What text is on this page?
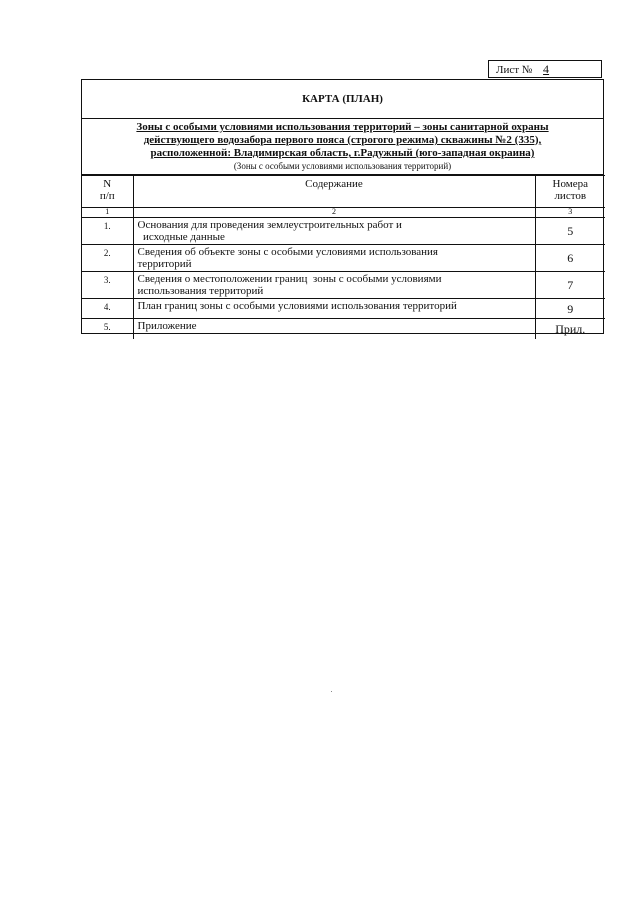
Лист № 4
КАРТА (ПЛАН)
Зоны с особыми условиями использования территорий – зоны санитарной охраны
действующего водозабора первого пояса (строгого режима) скважины №2 (335),
расположенной: Владимирская область, г.Радужный (юго-западная окраина)
(Зоны с особыми условиями использования территорий)
N
п/п	Содержание	Номера листов
1	2	3
1.	Основания для проведения землеустроительных работ и
исходные данные	5
2.	Сведения об объекте зоны с особыми условиями использования
территорий	6
3.	Сведения о местоположении границ  зоны с особыми условиями
использования территорий	7
4.	План границ зоны с особыми условиями использования территорий	9
5.	Приложение	Прил.
